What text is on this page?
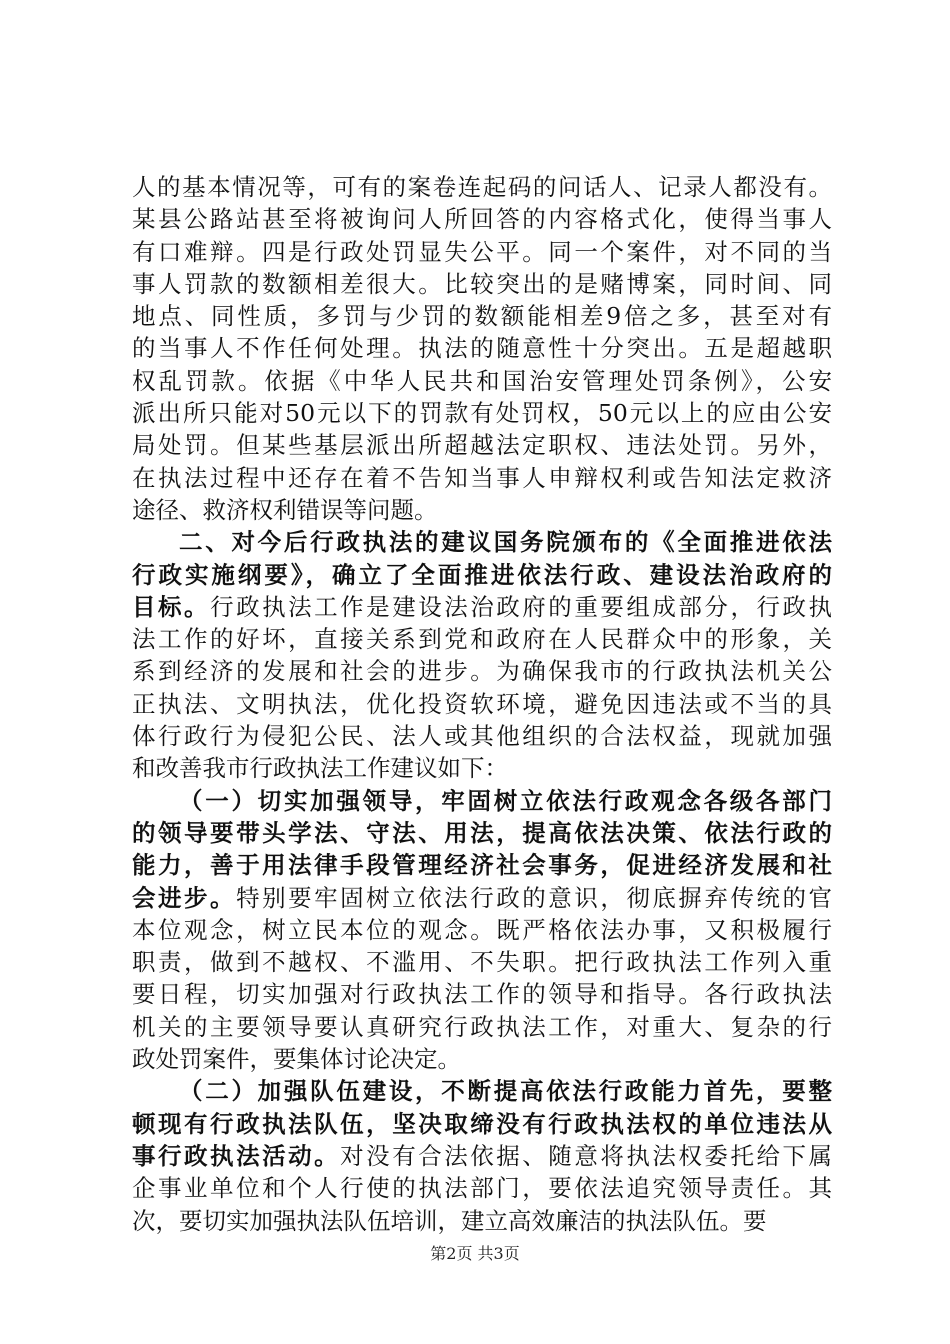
人的基本情况等，可有的案卷连起码的问话人、记录人都没有。
某县公路站甚至将被询问人所回答的内容格式化，使得当事人
有口难辩。四是行政处罚显失公平。同一个案件，对不同的当
事人罚款的数额相差很大。比较突出的是赌博案，同时间、同
地点、同性质，多罚与少罚的数额能相差9倍之多，甚至对有
的当事人不作任何处理。执法的随意性十分突出。五是超越职
权乱罚款。依据《中华人民共和国治安管理处罚条例》，公安
派出所只能对50元以下的罚款有处罚权，50元以上的应由公安
局处罚。但某些基层派出所超越法定职权、违法处罚。另外，
在执法过程中还存在着不告知当事人申辩权利或告知法定救济
途径、救济权利错误等问题。
二、对今后行政执法的建议国务院颁布的《全面推进依法
行政实施纲要》，确立了全面推进依法行政、建设法治政府的
目标。行政执法工作是建设法治政府的重要组成部分，行政执
法工作的好坏，直接关系到党和政府在人民群众中的形象，关
系到经济的发展和社会的进步。为确保我市的行政执法机关公
正执法、文明执法，优化投资软环境，避免因违法或不当的具
体行政行为侵犯公民、法人或其他组织的合法权益，现就加强
和改善我市行政执法工作建议如下：
（一）切实加强领导，牢固树立依法行政观念各级各部门
的领导要带头学法、守法、用法，提高依法决策、依法行政的
能力，善于用法律手段管理经济社会事务，促进经济发展和社
会进步。特别要牢固树立依法行政的意识，彻底摒弃传统的官
本位观念，树立民本位的观念。既严格依法办事，又积极履行
职责，做到不越权、不滥用、不失职。把行政执法工作列入重
要日程，切实加强对行政执法工作的领导和指导。各行政执法
机关的主要领导要认真研究行政执法工作，对重大、复杂的行
政处罚案件，要集体讨论决定。
（二）加强队伍建设，不断提高依法行政能力首先，要整
顿现有行政执法队伍，坚决取缔没有行政执法权的单位违法从
事行政执法活动。对没有合法依据、随意将执法权委托给下属
企事业单位和个人行使的执法部门，要依法追究领导责任。其
次，要切实加强执法队伍培训，建立高效廉洁的执法队伍。要
第2页 共3页
